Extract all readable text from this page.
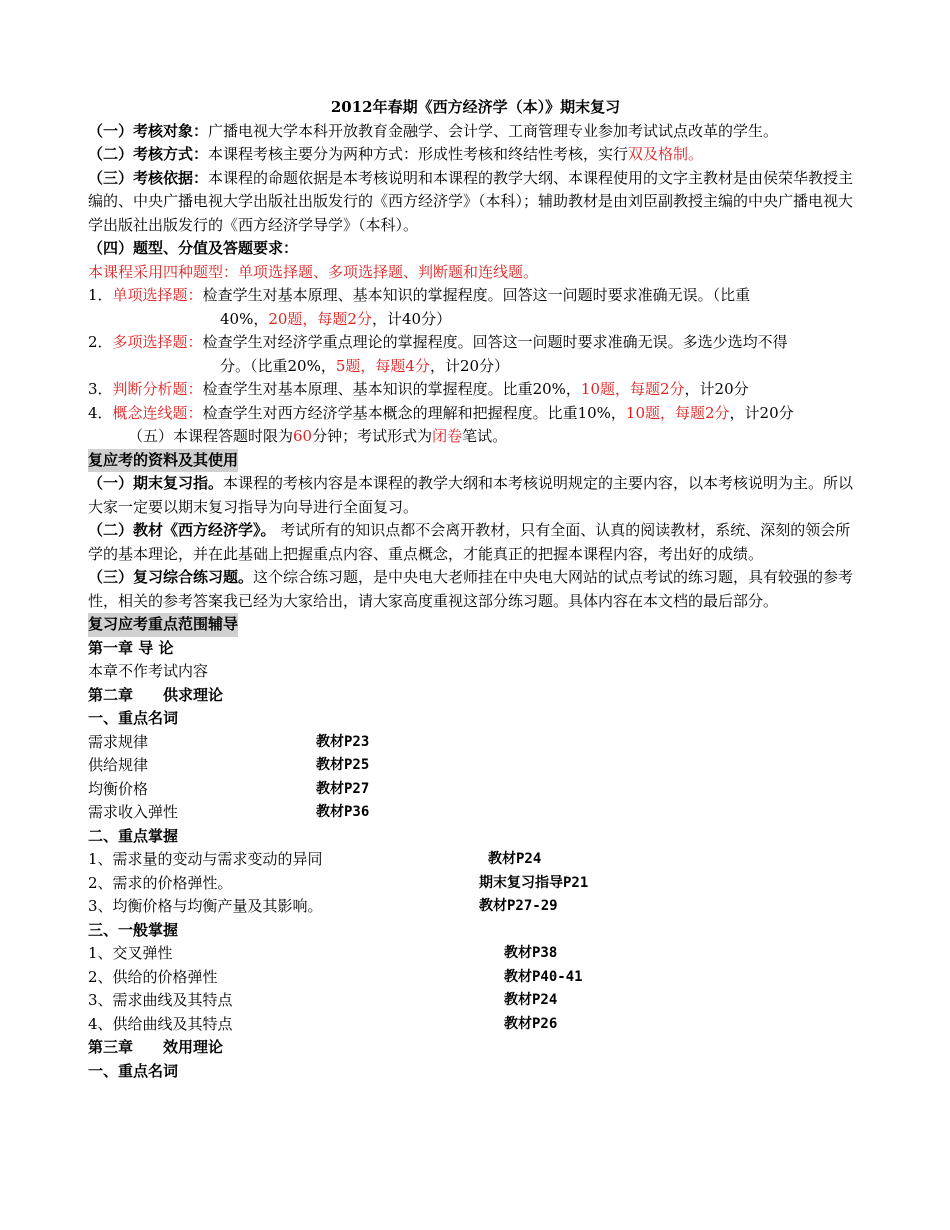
2012年春期《西方经济学（本）》期末复习

（一）考核对象：广播电视大学本科开放教育金融学、会计学、工商管理专业参加考试试点改革的学生。

（二）考核方式：本课程考核主要分为两种方式：形成性考核和终结性考核，实行双及格制。

（三）考核依据：本课程的命题依据是本考核说明和本课程的教学大纲、本课程使用的文字主教材是由侯荣华教授主编的、中央广播电视大学出版社出版发行的《西方经济学》（本科）；辅助教材是由刘臣副教授主编的中央广播电视大学出版社出版发行的《西方经济学导学》（本科）。

（四）题型、分值及答题要求：

本课程采用四种题型：单项选择题、多项选择题、判断题和连线题。

1．单项选择题：检查学生对基本原理、基本知识的掌握程度。回答这一问题时要求准确无误。（比重

40%，20题，每题2分，计40分）

2．多项选择题：检查学生对经济学重点理论的掌握程度。回答这一问题时要求准确无误。多选少选均不得

分。（比重20%，5题，每题4分，计20分）

3．判断分析题：检查学生对基本原理、基本知识的掌握程度。比重20%，10题，每题2分，计20分

4．概念连线题：检查学生对西方经济学基本概念的理解和把握程度。比重10%，10题，每题2分，计20分

（五）本课程答题时限为60分钟；考试形式为闭卷笔试。

复应考的资料及其使用

（一）期末复习指。本课程的考核内容是本课程的教学大纲和本考核说明规定的主要内容，以本考核说明为主。所以大家一定要以期末复习指导为向导进行全面复习。

（二）教材《西方经济学》。 考试所有的知识点都不会离开教材，只有全面、认真的阅读教材，系统、深刻的领会所学的基本理论，并在此基础上把握重点内容、重点概念，才能真正的把握本课程内容，考出好的成绩。

（三）复习综合练习题。这个综合练习题，是中央电大老师挂在中央电大网站的试点考试的练习题，具有较强的参考性，相关的参考答案我已经为大家给出，请大家高度重视这部分练习题。具体内容在本文档的最后部分。

复习应考重点范围辅导

第一章 导 论

本章不作考试内容

第二章　　供求理论

一、重点名词

需求规律	教材P23
供给规律	教材P25
均衡价格	教材P27
需求收入弹性	教材P36

二、重点掌握

1、需求量的变动与需求变动的异同	教材P24
2、需求的价格弹性。	期末复习指导P21
3、均衡价格与均衡产量及其影响。	教材P27-29

三、一般掌握

1、交叉弹性	教材P38
2、供给的价格弹性	教材P40-41
3、需求曲线及其特点	教材P24
4、供给曲线及其特点	教材P26

第三章　　效用理论

一、重点名词
